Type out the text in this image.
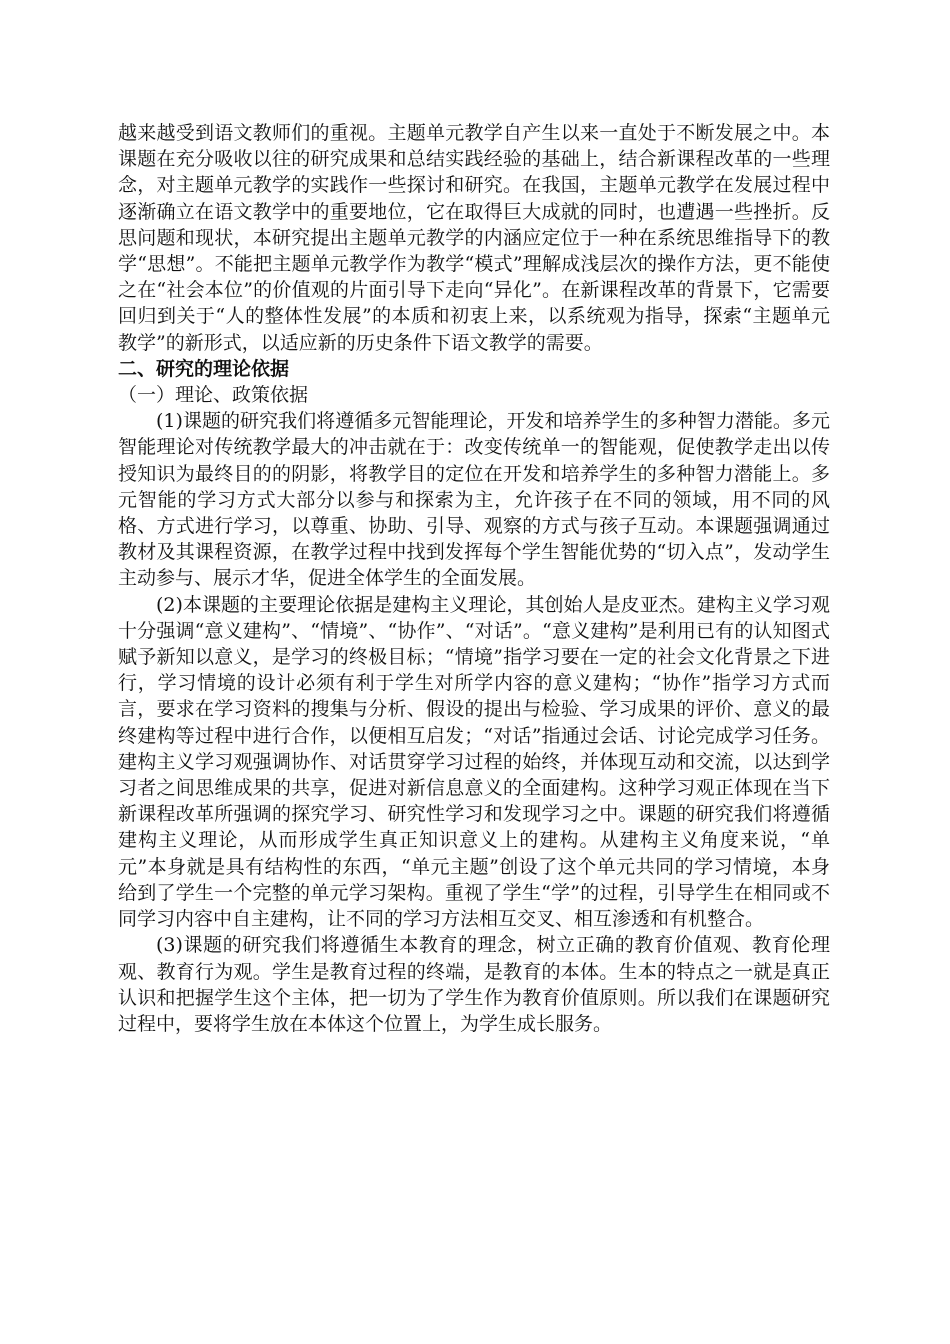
越来越受到语文教师们的重视。主题单元教学自产生以来一直处于不断发展之中。本课题在充分吸收以往的研究成果和总结实践经验的基础上，结合新课程改革的一些理念，对主题单元教学的实践作一些探讨和研究。在我国，主题单元教学在发展过程中逐渐确立在语文教学中的重要地位，它在取得巨大成就的同时，也遭遇一些挫折。反思问题和现状，本研究提出主题单元教学的内涵应定位于一种在系统思维指导下的教学“思想”。不能把主题单元教学作为教学“模式”理解成浅层次的操作方法，更不能使之在“社会本位”的价值观的片面引导下走向“异化”。在新课程改革的背景下，它需要回归到关于“人的整体性发展”的本质和初衷上来，以系统观为指导，探索“主题单元教学”的新形式，以适应新的历史条件下语文教学的需要。

二、研究的理论依据

（一）理论、政策依据

(1)课题的研究我们将遵循多元智能理论，开发和培养学生的多种智力潜能。多元智能理论对传统教学最大的冲击就在于：改变传统单一的智能观，促使教学走出以传授知识为最终目的的阴影，将教学目的定位在开发和培养学生的多种智力潜能上。多元智能的学习方式大部分以参与和探索为主，允许孩子在不同的领域，用不同的风格、方式进行学习，以尊重、协助、引导、观察的方式与孩子互动。本课题强调通过教材及其课程资源，在教学过程中找到发挥每个学生智能优势的“切入点”，发动学生主动参与、展示才华，促进全体学生的全面发展。

(2)本课题的主要理论依据是建构主义理论，其创始人是皮亚杰。建构主义学习观十分强调“意义建构”、“情境”、“协作”、“对话”。“意义建构”是利用已有的认知图式赋予新知以意义，是学习的终极目标；“情境”指学习要在一定的社会文化背景之下进行，学习情境的设计必须有利于学生对所学内容的意义建构；“协作”指学习方式而言，要求在学习资料的搜集与分析、假设的提出与检验、学习成果的评价、意义的最终建构等过程中进行合作，以便相互启发；“对话”指通过会话、讨论完成学习任务。建构主义学习观强调协作、对话贯穿学习过程的始终，并体现互动和交流，以达到学习者之间思维成果的共享，促进对新信息意义的全面建构。这种学习观正体现在当下新课程改革所强调的探究学习、研究性学习和发现学习之中。课题的研究我们将遵循建构主义理论，从而形成学生真正知识意义上的建构。从建构主义角度来说，“单元”本身就是具有结构性的东西，“单元主题”创设了这个单元共同的学习情境，本身给到了学生一个完整的单元学习架构。重视了学生“学”的过程，引导学生在相同或不同学习内容中自主建构，让不同的学习方法相互交叉、相互渗透和有机整合。

(3)课题的研究我们将遵循生本教育的理念，树立正确的教育价值观、教育伦理观、教育行为观。学生是教育过程的终端，是教育的本体。生本的特点之一就是真正认识和把握学生这个主体，把一切为了学生作为教育价值原则。所以我们在课题研究过程中，要将学生放在本体这个位置上，为学生成长服务。
